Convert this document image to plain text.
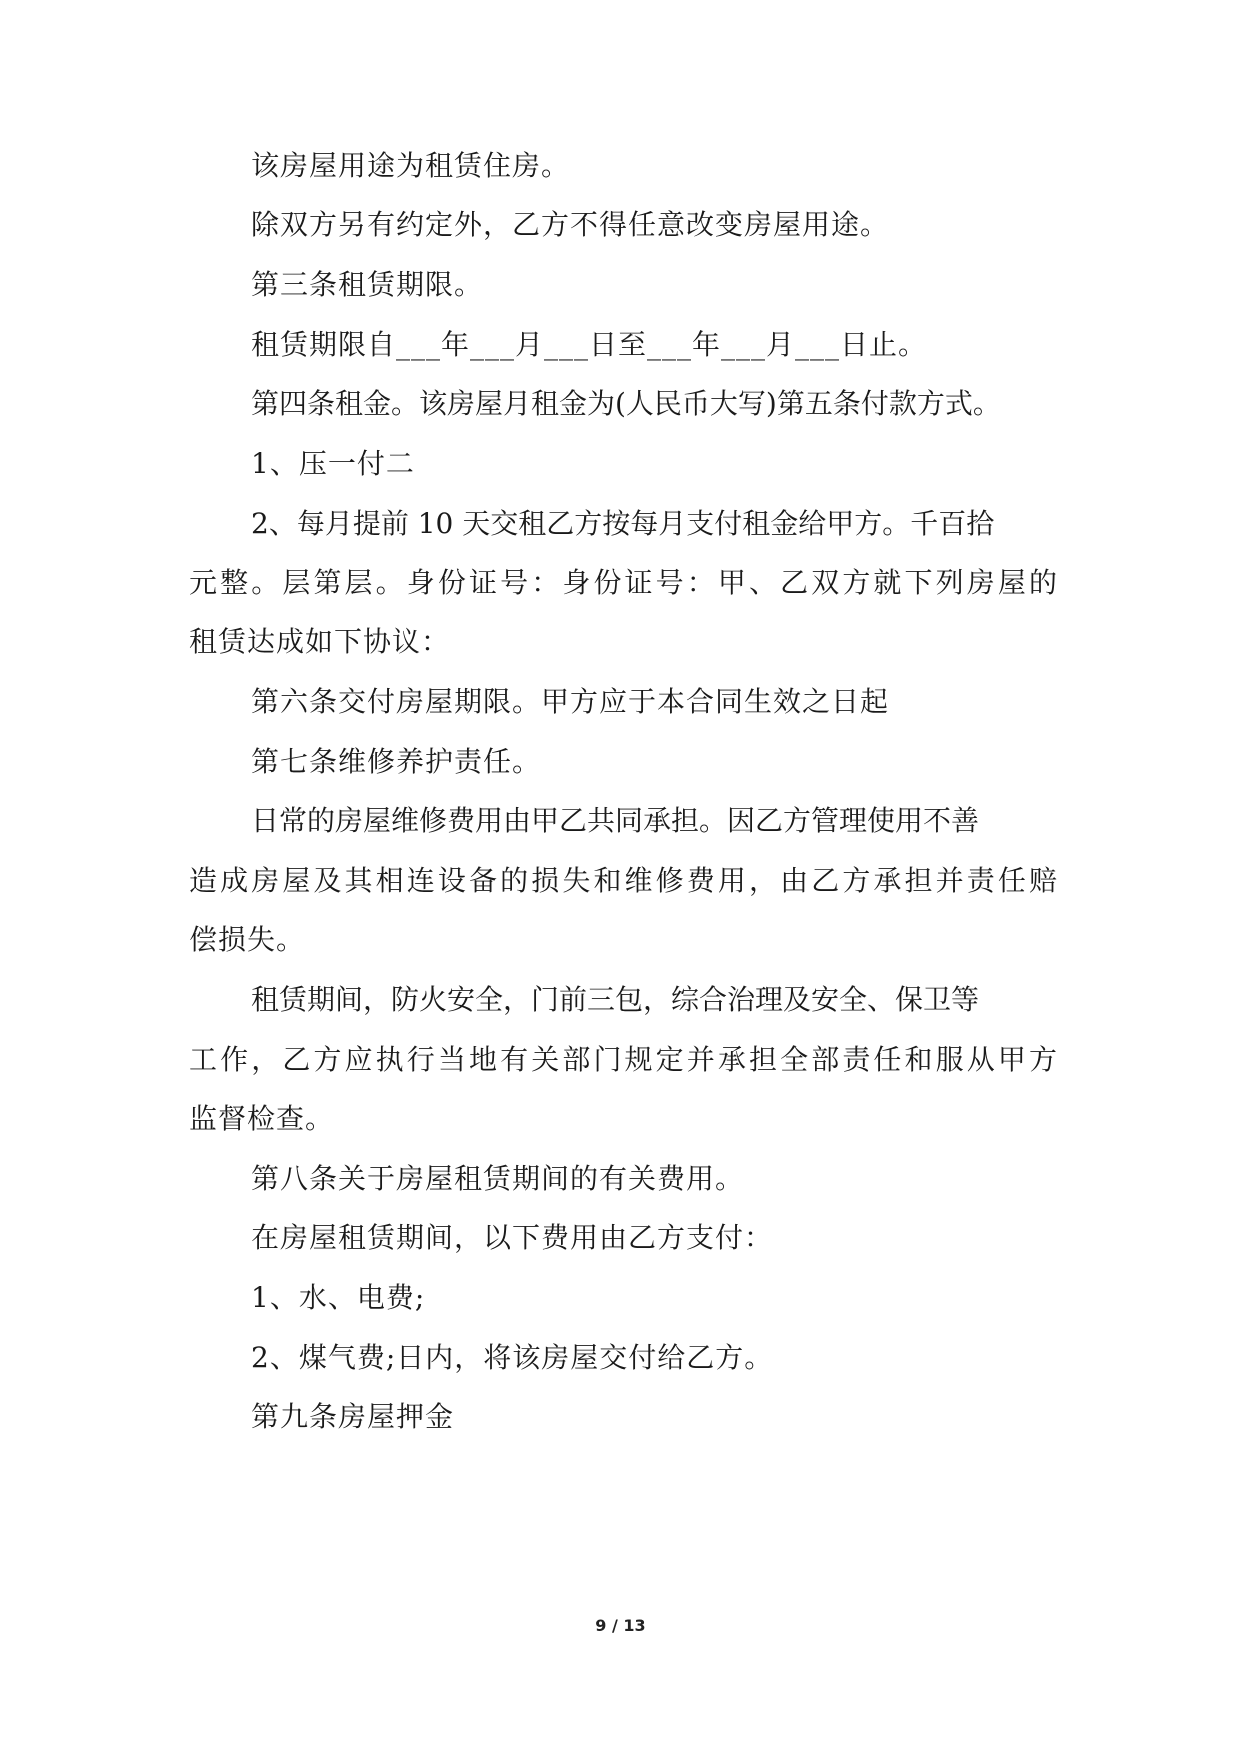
该房屋用途为租赁住房。
除双方另有约定外，乙方不得任意改变房屋用途。
第三条租赁期限。
租赁期限自___年___月___日至___年___月___日止。
第四条租金。该房屋月租金为(人民币大写)第五条付款方式。
1、压一付二
2、每月提前 10 天交租乙方按每月支付租金给甲方。千百拾
元整。层第层。身份证号：身份证号：甲、乙双方就下列房屋的
租赁达成如下协议：
第六条交付房屋期限。甲方应于本合同生效之日起
第七条维修养护责任。
日常的房屋维修费用由甲乙共同承担。因乙方管理使用不善
造成房屋及其相连设备的损失和维修费用，由乙方承担并责任赔
偿损失。
租赁期间，防火安全，门前三包，综合治理及安全、保卫等
工作，乙方应执行当地有关部门规定并承担全部责任和服从甲方
监督检查。
第八条关于房屋租赁期间的有关费用。
在房屋租赁期间，以下费用由乙方支付：
1、水、电费;
2、煤气费;日内，将该房屋交付给乙方。
第九条房屋押金
9 / 13
